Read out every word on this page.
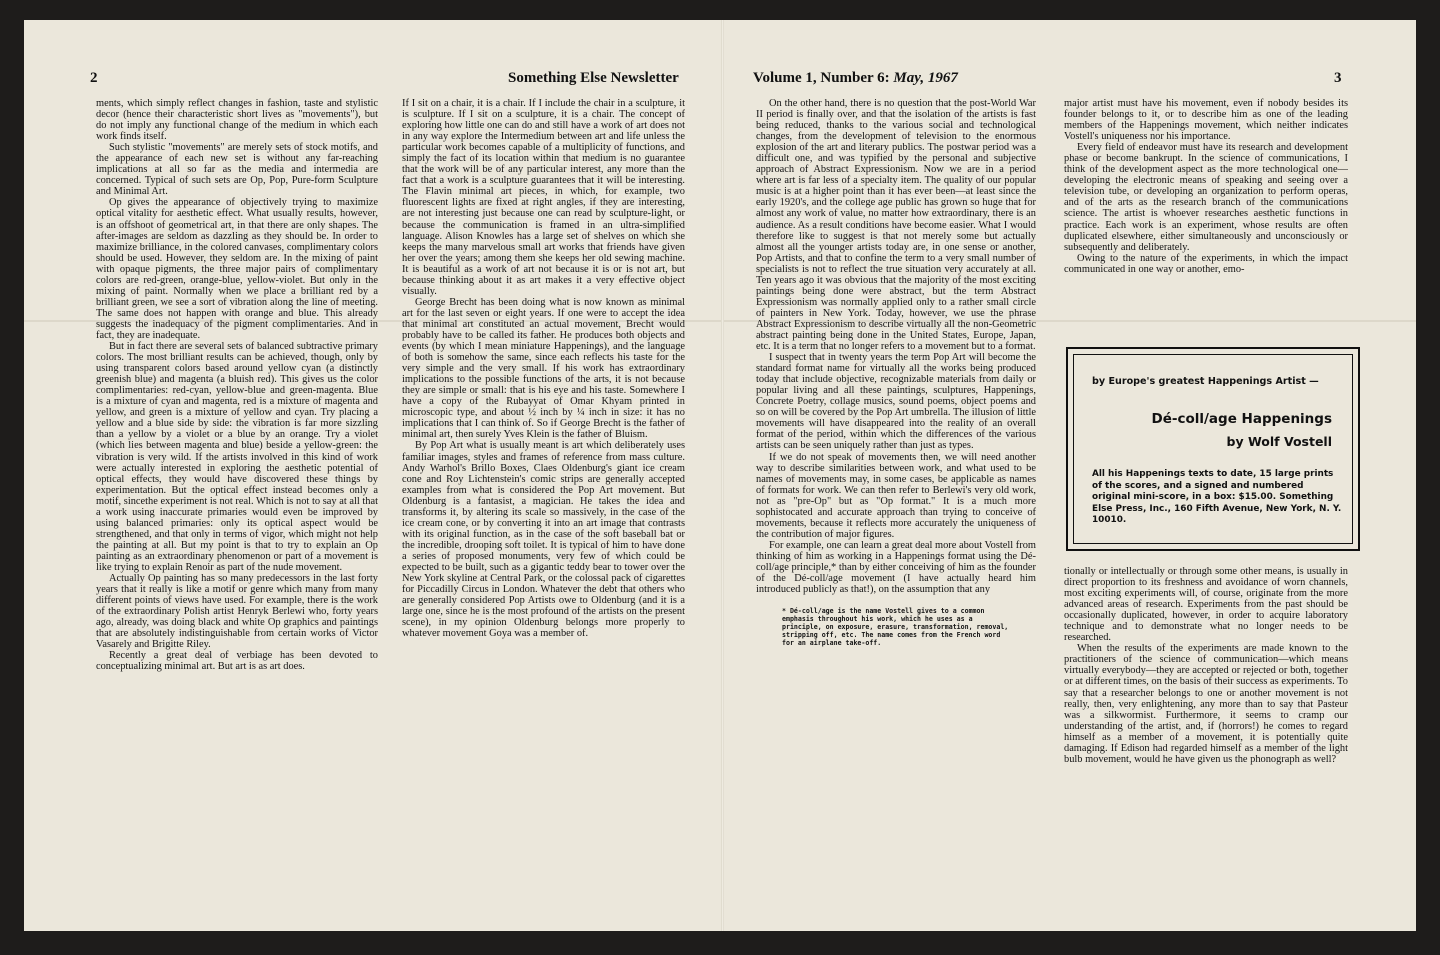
2	Something Else Newsletter	Volume 1, Number 6: May, 1967	3

ments, which simply reflect changes in fashion, taste and stylistic decor (hence their characteristic short lives as "movements"), but do not imply any functional change of the medium in which each work finds itself.

Such stylistic "movements" are merely sets of stock motifs, and the appearance of each new set is without any far-reaching implications at all so far as the media and intermedia are concerned. Typical of such sets are Op, Pop, Pure-form Sculpture and Minimal Art.

Op gives the appearance of objectively trying to maximize optical vitality for aesthetic effect. What usually results, however, is an offshoot of geometrical art, in that there are only shapes. The after-images are seldom as dazzling as they should be. In order to maximize brilliance, in the colored canvases, complimentary colors should be used. However, they seldom are. In the mixing of paint with opaque pigments, the three major pairs of complimentary colors are red-green, orange-blue, yellow-violet. But only in the mixing of paint. Normally when we place a brilliant red by a brilliant green, we see a sort of vibration along the line of meeting. The same does not happen with orange and blue. This already suggests the inadequacy of the pigment complimentaries. And in fact, they are inadequate.

But in fact there are several sets of balanced subtractive primary colors. The most brilliant results can be achieved, though, only by using transparent colors based around yellow cyan (a distinctly greenish blue) and magenta (a bluish red). This gives us the color complimentaries: red-cyan, yellow-blue and green-magenta. Blue is a mixture of cyan and magenta, red is a mixture of magenta and yellow, and green is a mixture of yellow and cyan. Try placing a yellow and a blue side by side: the vibration is far more sizzling than a yellow by a violet or a blue by an orange. Try a violet (which lies between magenta and blue) beside a yellow-green: the vibration is very wild. If the artists involved in this kind of work were actually interested in exploring the aesthetic potential of optical effects, they would have discovered these things by experimentation. But the optical effect instead becomes only a motif, sincethe experiment is not real. Which is not to say at all that a work using inaccurate primaries would even be improved by using balanced primaries: only its optical aspect would be strengthened, and that only in terms of vigor, which might not help the painting at all. But my point is that to try to explain an Op painting as an extraordinary phenomenon or part of a movement is like trying to explain Renoir as part of the nude movement.

Actually Op painting has so many predecessors in the last forty years that it really is like a motif or genre which many from many different points of views have used. For example, there is the work of the extraordinary Polish artist Henryk Berlewi who, forty years ago, already, was doing black and white Op graphics and paintings that are absolutely indistinguishable from certain works of Victor Vasarely and Brigitte Riley.

Recently a great deal of verbiage has been devoted to conceptualizing minimal art. But art is as art does.

If I sit on a chair, it is a chair. If I include the chair in a sculpture, it is sculpture. If I sit on a sculpture, it is a chair. The concept of exploring how little one can do and still have a work of art does not in any way explore the Intermedium between art and life unless the particular work becomes capable of a multiplicity of functions, and simply the fact of its location within that medium is no guarantee that the work will be of any particular interest, any more than the fact that a work is a sculpture guarantees that it will be interesting. The Flavin minimal art pieces, in which, for example, two fluorescent lights are fixed at right angles, if they are interesting, are not interesting just because one can read by sculpture-light, or because the communication is framed in an ultra-simplified language. Alison Knowles has a large set of shelves on which she keeps the many marvelous small art works that friends have given her over the years; among them she keeps her old sewing machine. It is beautiful as a work of art not because it is or is not art, but because thinking about it as art makes it a very effective object visually.

George Brecht has been doing what is now known as minimal art for the last seven or eight years. If one were to accept the idea that minimal art constituted an actual movement, Brecht would probably have to be called its father. He produces both objects and events (by which I mean miniature Happenings), and the language of both is somehow the same, since each reflects his taste for the very simple and the very small. If his work has extraordinary implications to the possible functions of the arts, it is not because they are simple or small: that is his eye and his taste. Somewhere I have a copy of the Rubayyat of Omar Khyam printed in microscopic type, and about ½ inch by ¼ inch in size: it has no implications that I can think of. So if George Brecht is the father of minimal art, then surely Yves Klein is the father of Bluism.

By Pop Art what is usually meant is art which deliberately uses familiar images, styles and frames of reference from mass culture. Andy Warhol's Brillo Boxes, Claes Oldenburg's giant ice cream cone and Roy Lichtenstein's comic strips are generally accepted examples from what is considered the Pop Art movement. But Oldenburg is a fantasist, a magician. He takes the idea and transforms it, by altering its scale so massively, in the case of the ice cream cone, or by converting it into an art image that contrasts with its original function, as in the case of the soft baseball bat or the incredible, drooping soft toilet. It is typical of him to have done a series of proposed monuments, very few of which could be expected to be built, such as a gigantic teddy bear to tower over the New York skyline at Central Park, or the colossal pack of cigarettes for Piccadilly Circus in London. Whatever the debt that others who are generally considered Pop Artists owe to Oldenburg (and it is a large one, since he is the most profound of the artists on the present scene), in my opinion Oldenburg belongs more properly to whatever movement Goya was a member of.

On the other hand, there is no question that the post-World War II period is finally over, and that the isolation of the artists is fast being reduced, thanks to the various social and technological changes, from the development of television to the enormous explosion of the art and literary publics. The postwar period was a difficult one, and was typified by the personal and subjective approach of Abstract Expressionism. Now we are in a period where art is far less of a specialty item. The quality of our popular music is at a higher point than it has ever been—at least since the early 1920's, and the college age public has grown so huge that for almost any work of value, no matter how extraordinary, there is an audience. As a result conditions have become easier. What I would therefore like to suggest is that not merely some but actually almost all the younger artists today are, in one sense or another, Pop Artists, and that to confine the term to a very small number of specialists is not to reflect the true situation very accurately at all. Ten years ago it was obvious that the majority of the most exciting paintings being done were abstract, but the term Abstract Expressionism was normally applied only to a rather small circle of painters in New York. Today, however, we use the phrase Abstract Expressionism to describe virtually all the non-Geometric abstract painting being done in the United States, Europe, Japan, etc. It is a term that no longer refers to a movement but to a format.

I suspect that in twenty years the term Pop Art will become the standard format name for virtually all the works being produced today that include objective, recognizable materials from daily or popular living and all these paintings, sculptures, Happenings, Concrete Poetry, collage musics, sound poems, object poems and so on will be covered by the Pop Art umbrella. The illusion of little movements will have disappeared into the reality of an overall format of the period, within which the differences of the various artists can be seen uniquely rather than just as types.

If we do not speak of movements then, we will need another way to describe similarities between work, and what used to be names of movements may, in some cases, be applicable as names of formats for work. We can then refer to Berlewi's very old work, not as "pre-Op" but as "Op format." It is a much more sophistocated and accurate approach than trying to conceive of movements, because it reflects more accurately the uniqueness of the contribution of major figures.

For example, one can learn a great deal more about Vostell from thinking of him as working in a Happenings format using the Dé-coll/age principle,* than by either conceiving of him as the founder of the Dé-coll/age movement (I have actually heard him introduced publicly as that!), on the assumption that any

* Dé-coll/age is the name Vostell gives to a common emphasis throughout his work, which he uses as a principle, on exposure, erasure, transformation, removal, stripping off, etc. The name comes from the French word for an airplane take-off.

major artist must have his movement, even if nobody besides its founder belongs to it, or to describe him as one of the leading members of the Happenings movement, which neither indicates Vostell's uniqueness nor his importance.

Every field of endeavor must have its research and development phase or become bankrupt. In the science of communications, I think of the development aspect as the more technological one—developing the electronic means of speaking and seeing over a television tube, or developing an organization to perform operas, and of the arts as the research branch of the communications science. The artist is whoever researches aesthetic functions in practice. Each work is an experiment, whose results are often duplicated elsewhere, either simultaneously and unconsciously or subsequently and deliberately.

Owing to the nature of the experiments, in which the impact communicated in one way or another, emo-

by Europe's greatest Happenings Artist —
Dé-coll/age Happenings
by Wolf Vostell
All his Happenings texts to date, 15 large prints of the scores, and a signed and numbered original mini-score, in a box: $15.00. Something Else Press, Inc., 160 Fifth Avenue, New York, N. Y. 10010.

tionally or intellectually or through some other means, is usually in direct proportion to its freshness and avoidance of worn channels, most exciting experiments will, of course, originate from the more advanced areas of research. Experiments from the past should be occasionally duplicated, however, in order to acquire laboratory technique and to demonstrate what no longer needs to be researched.

When the results of the experiments are made known to the practitioners of the science of communication—which means virtually everybody—they are accepted or rejected or both, together or at different times, on the basis of their success as experiments. To say that a researcher belongs to one or another movement is not really, then, very enlightening, any more than to say that Pasteur was a silkwormist. Furthermore, it seems to cramp our understanding of the artist, and, if (horrors!) he comes to regard himself as a member of a movement, it is potentially quite damaging. If Edison had regarded himself as a member of the light bulb movement, would he have given us the phonograph as well?
